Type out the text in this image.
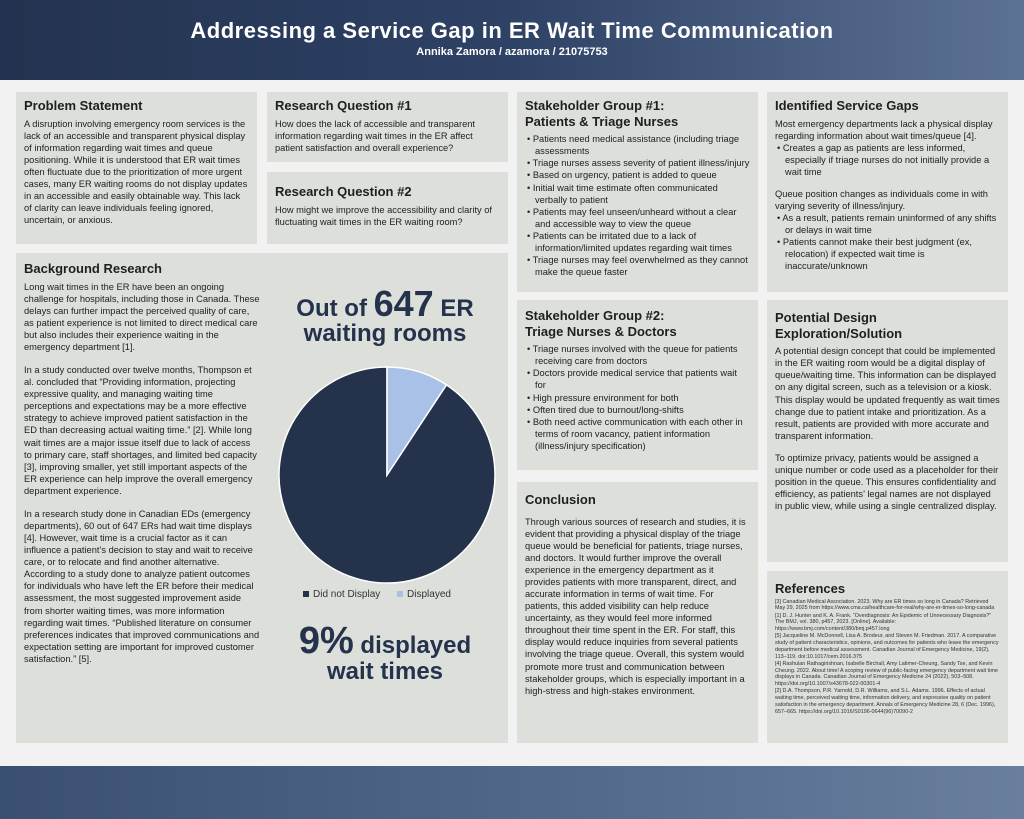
Addressing a Service Gap in ER Wait Time Communication
Annika Zamora / azamora / 21075753
Problem Statement
A disruption involving emergency room services is the lack of an accessible and transparent physical display of information regarding wait times and queue positioning. While it is understood that ER wait times often fluctuate due to the prioritization of more urgent cases, many ER waiting rooms do not display updates in an accessible and easily obtainable way. This lack of clarity can leave individuals feeling ignored, uncertain, or anxious.
Research Question #1
How does the lack of accessible and transparent information regarding wait times in the ER affect patient satisfaction and overall experience?
Research Question #2
How might we improve the accessibility and clarity of fluctuating wait times in the ER waiting room?
Background Research
Long wait times in the ER have been an ongoing challenge for hospitals, including those in Canada. These delays can further impact the perceived quality of care, as patient experience is not limited to direct medical care but also includes their experience waiting in the emergency department [1].
In a study conducted over twelve months, Thompson et al. concluded that “Providing information, projecting expressive quality, and managing waiting time perceptions and expectations may be a more effective strategy to achieve improved patient satisfaction in the ED than decreasing actual waiting time.” [2]. While long wait times are a major issue itself due to lack of access to primary care, staff shortages, and limited bed capacity [3], improving smaller, yet still important aspects of the ER experience can help improve the overall emergency department experience.
In a research study done in Canadian EDs (emergency departments), 60 out of 647 ERs had wait time displays [4]. However, wait time is a crucial factor as it can influence a patient’s decision to stay and wait to receive care, or to relocate and find another alternative. According to a study done to analyze patient outcomes for individuals who have left the ER before their medical assessment, the most suggested improvement aside from shorter waiting times, was more information regarding wait times. “Published literature on consumer preferences indicates that improved communications and expectation setting are important for improved customer satisfaction.” [5].
Out of 647 ER
waiting rooms
Did not Display	Displayed
9% displayed
wait times
Stakeholder Group #1:
Patients & Triage Nurses
• Patients need medical assistance (including triage assessments
• Triage nurses assess severity of patient illness/injury
• Based on urgency, patient is added to queue
• Initial wait time estimate often communicated verbally to patient
• Patients may feel unseen/unheard without a clear and accessible way to view the queue
• Patients can be irritated due to a lack of information/limited updates regarding wait times
• Triage nurses may feel overwhelmed as they cannot make the queue faster
Stakeholder Group #2:
Triage Nurses & Doctors
• Triage nurses involved with the queue for patients receiving care from doctors
• Doctors provide medical service that patients wait for
• High pressure environment for both
• Often tired due to burnout/long-shifts
• Both need active communication with each other in terms of room vacancy, patient information (illness/injury specification)
Conclusion
Through various sources of research and studies, it is evident that providing a physical display of the triage queue would be beneficial for patients, triage nurses, and doctors. It would further improve the overall experience in the emergency department as it provides patients with more transparent, direct, and accurate information in terms of wait time. For patients, this added visibility can help reduce uncertainty, as they would feel more informed throughout their time spent in the ER. For staff, this display would reduce inquiries from several patients involving the triage queue. Overall, this system would promote more trust and communication between stakeholder groups, which is especially important in a high-stress and high-stakes environment.
Identified Service Gaps
Most emergency departments lack a physical display regarding information about wait times/queue [4].
• Creates a gap as patients are less informed, especially if triage nurses do not initially provide a wait time
Queue position changes as individuals come in with varying severity of illness/injury.
• As a result, patients remain uninformed of any shifts or delays in wait time
• Patients cannot make their best judgment (ex, relocation) if expected wait time is inaccurate/unknown
Potential Design
Exploration/Solution
A potential design concept that could be implemented in the ER waiting room would be a digital display of queue/waiting time. This information can be displayed on any digital screen, such as a television or a kiosk. This display would be updated frequently as wait times change due to patient intake and prioritization. As a result, patients are provided with more accurate and transparent information.
To optimize privacy, patients would be assigned a unique number or code used as a placeholder for their position in the queue. This ensures confidentiality and efficiency, as patients’ legal names are not displayed in public view, while using a single centralized display.
References
[3] Canadian Medical Association. 2023. Why are ER times so long in Canada? Retrieved May 29, 2025 from https://www.cma.ca/healthcare-for-real/why-are-er-times-so-long-canada
[1] D. J. Hunter and K. A. Frank. “Overdiagnosis: An Epidemic of Unnecessary Diagnosis?” The BMJ, vol. 380, p457, 2023. [Online]. Available: https://www.bmj.com/content/380/bmj.p457.long
[5] Jacqueline M. McDonnell, Lisa A. Brodeur, and Steven M. Friedman. 2017. A comparative study of patient characteristics, opinions, and outcomes for patients who leave the emergency department before medical assessment. Canadian Journal of Emergency Medicine, 19(2), 113–119. doi:10.1017/cem.2016.375
[4] Rashulan Rathagirishnan, Isabelle Birchall, Amy Latimer-Cheung, Sandy Tse, and Kevin Cheung. 2022. About time! A scoping review of public-facing emergency department wait time displays in Canada. Canadian Journal of Emergency Medicine 24 (2022), 503–508. https://doi.org/10.1007/s43678-022-00301-4
[2] D.A. Thompson, P.R. Yarnold, D.R. Williams, and S.L. Adams. 1996. Effects of actual waiting time, perceived waiting time, information delivery, and expressive quality on patient satisfaction in the emergency department. Annals of Emergency Medicine 28, 6 (Dec. 1996), 657–665. https://doi.org/10.1016/S0196-0644(96)70090-2
